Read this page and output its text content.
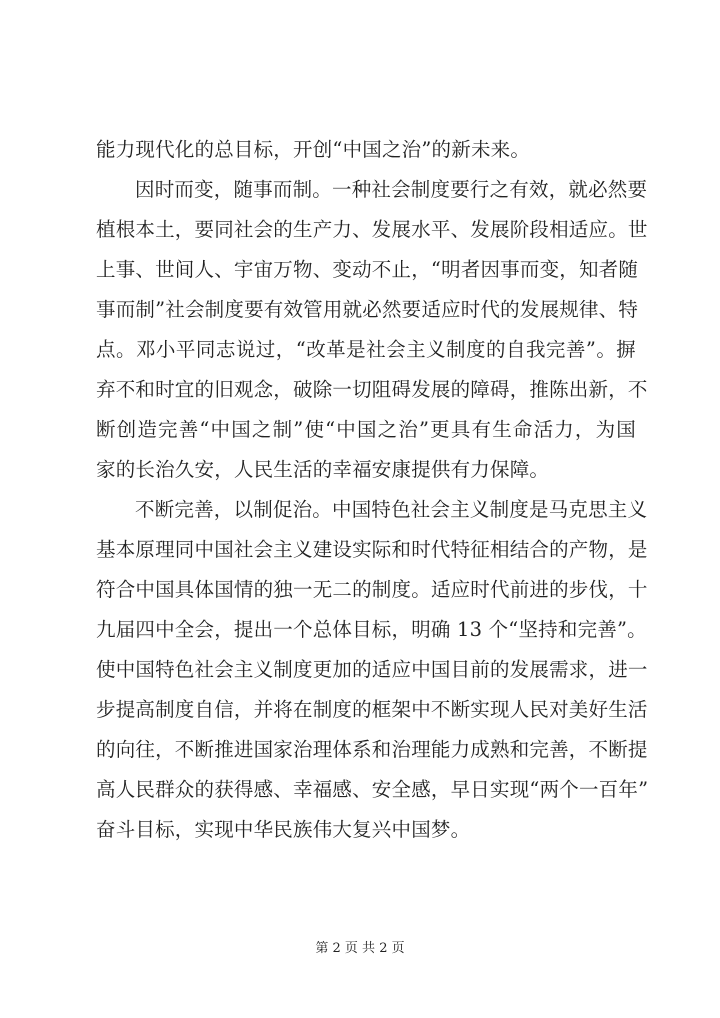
能力现代化的总目标，开创“中国之治”的新未来。
因时而变，随事而制。一种社会制度要行之有效，就必然要
植根本土，要同社会的生产力、发展水平、发展阶段相适应。世
上事、世间人、宇宙万物、变动不止，“明者因事而变，知者随
事而制”社会制度要有效管用就必然要适应时代的发展规律、特
点。邓小平同志说过，“改革是社会主义制度的自我完善”。摒
弃不和时宜的旧观念，破除一切阻碍发展的障碍，推陈出新，不
断创造完善“中国之制”使“中国之治”更具有生命活力，为国
家的长治久安，人民生活的幸福安康提供有力保障。
不断完善，以制促治。中国特色社会主义制度是马克思主义
基本原理同中国社会主义建设实际和时代特征相结合的产物，是
符合中国具体国情的独一无二的制度。适应时代前进的步伐，十
九届四中全会，提出一个总体目标，明确 13 个“坚持和完善”。
使中国特色社会主义制度更加的适应中国目前的发展需求，进一
步提高制度自信，并将在制度的框架中不断实现人民对美好生活
的向往，不断推进国家治理体系和治理能力成熟和完善，不断提
高人民群众的获得感、幸福感、安全感，早日实现“两个一百年”
奋斗目标，实现中华民族伟大复兴中国梦。
第 2 页 共 2 页
